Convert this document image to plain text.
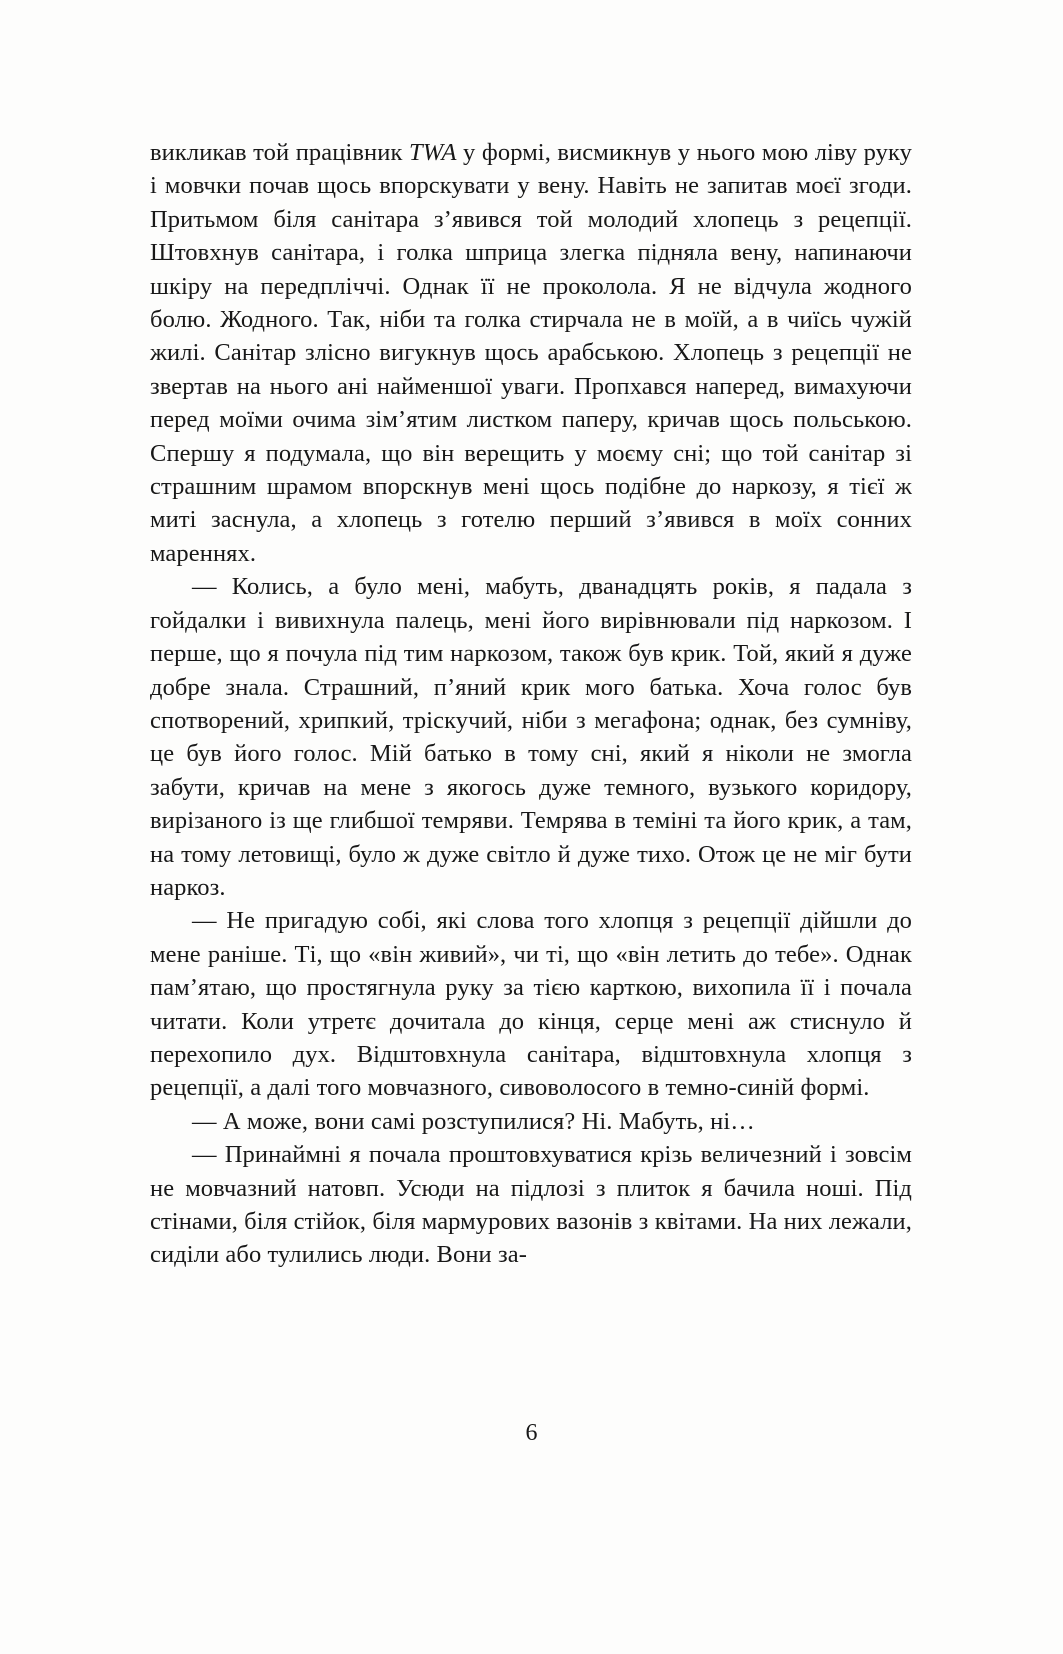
викликав той працівник TWA у формі, висмикнув у нього мою ліву руку і мовчки почав щось впорскувати у вену. Навіть не запитав моєї згоди. Притьмом біля санітара з’явився той молодий хлопець з рецепції. Штовхнув санітара, і голка шприца злегка підняла вену, напинаючи шкіру на передпліччі. Однак її не проколола. Я не відчула жодного болю. Жодного. Так, ніби та голка стирчала не в моїй, а в чиїсь чужій жилі. Санітар злісно вигукнув щось арабською. Хлопець з рецепції не звертав на нього ані найменшої уваги. Пропхався наперед, вимахуючи перед моїми очима зім’ятим листком паперу, кричав щось польською. Спершу я подумала, що він верещить у моєму сні; що той санітар зі страшним шрамом впорскнув мені щось подібне до наркозу, я тієї ж миті заснула, а хлопець з готелю перший з’явився в моїх сонних мареннях.

— Колись, а було мені, мабуть, дванадцять років, я падала з гойдалки і вивихнула палець, мені його вирівнювали під наркозом. І перше, що я почула під тим наркозом, також був крик. Той, який я дуже добре знала. Страшний, п’яний крик мого батька. Хоча голос був спотворений, хрипкий, тріскучий, ніби з мегафона; однак, без сумніву, це був його голос. Мій батько в тому сні, який я ніколи не змогла забути, кричав на мене з якогось дуже темного, вузького коридору, вирізаного із ще глибшої темряви. Темрява в теміні та його крик, а там, на тому летовищі, було ж дуже світло й дуже тихо. Отож це не міг бути наркоз.

— Не пригадую собі, які слова того хлопця з рецепції дійшли до мене раніше. Ті, що «він живий», чи ті, що «він летить до тебе». Однак пам’ятаю, що простягнула руку за тією карткою, вихопила її і почала читати. Коли утретє дочитала до кінця, серце мені аж стиснуло й перехопило дух. Відштовхнула санітара, відштовхнула хлопця з рецепції, а далі того мовчазного, сивоволосого в темно-синій формі.

— А може, вони самі розступилися? Ні. Мабуть, ні…

— Принаймні я почала проштовхуватися крізь величезний і зовсім не мовчазний натовп. Усюди на підлозі з плиток я бачила ноші. Під стінами, біля стійок, біля мармурових вазонів з квітами. На них лежали, сиділи або тулились люди. Вони за-

6
